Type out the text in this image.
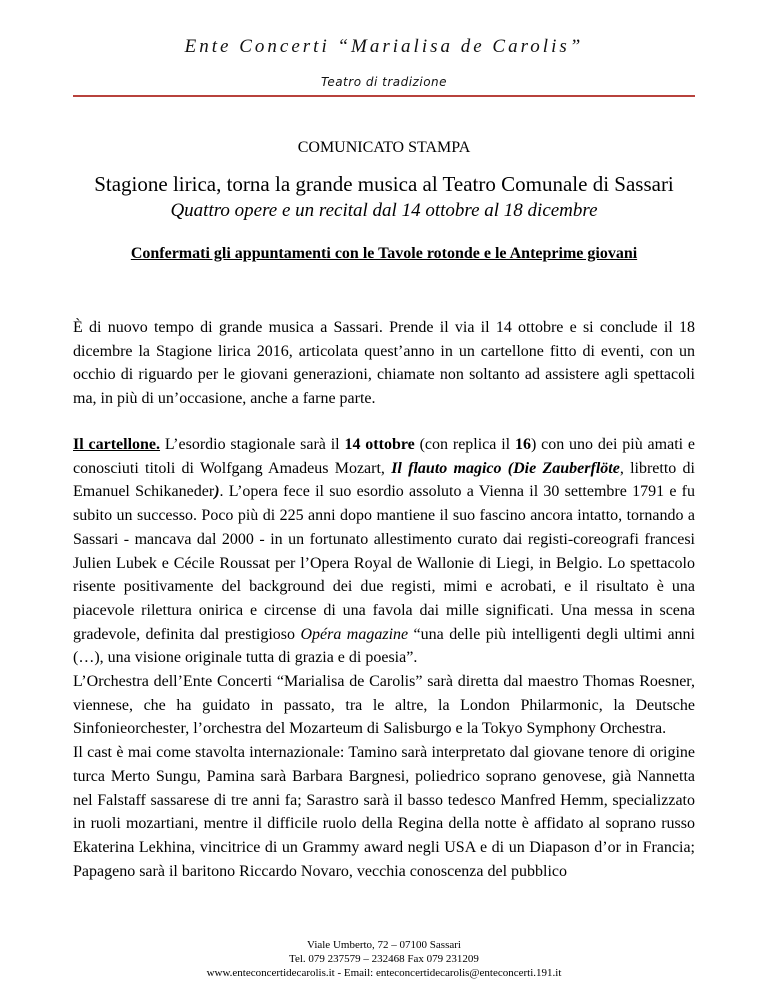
Ente Concerti “Marialisa de Carolis”
Teatro di tradizione
COMUNICATO STAMPA
Stagione lirica, torna la grande musica al Teatro Comunale di Sassari
Quattro opere e un recital dal 14 ottobre al 18 dicembre
Confermati gli appuntamenti con le Tavole rotonde e le Anteprime giovani

È di nuovo tempo di grande musica a Sassari. Prende il via il 14 ottobre e si conclude il 18 dicembre la Stagione lirica 2016, articolata quest’anno in un cartellone fitto di eventi, con un occhio di riguardo per le giovani generazioni, chiamate non soltanto ad assistere agli spettacoli ma, in più di un’occasione, anche a farne parte.

Il cartellone. L’esordio stagionale sarà il 14 ottobre (con replica il 16) con uno dei più amati e conosciuti titoli di Wolfgang Amadeus Mozart, Il flauto magico (Die Zauberflöte, libretto di Emanuel Schikaneder). L’opera fece il suo esordio assoluto a Vienna il 30 settembre 1791 e fu subito un successo. Poco più di 225 anni dopo mantiene il suo fascino ancora intatto, tornando a Sassari - mancava dal 2000 - in un fortunato allestimento curato dai registi-coreografi francesi Julien Lubek e Cécile Roussat per l’Opera Royal de Wallonie di Liegi, in Belgio. Lo spettacolo risente positivamente del background dei due registi, mimi e acrobati, e il risultato è una piacevole rilettura onirica e circense di una favola dai mille significati. Una messa in scena gradevole, definita dal prestigioso Opéra magazine “una delle più intelligenti degli ultimi anni (…), una visione originale tutta di grazia e di poesia”.

L’Orchestra dell’Ente Concerti “Marialisa de Carolis” sarà diretta dal maestro Thomas Roesner, viennese, che ha guidato in passato, tra le altre, la London Philarmonic, la Deutsche Sinfonieorchester, l’orchestra del Mozarteum di Salisburgo e la Tokyo Symphony Orchestra.

Il cast è mai come stavolta internazionale: Tamino sarà interpretato dal giovane tenore di origine turca Merto Sungu, Pamina sarà Barbara Bargnesi, poliedrico soprano genovese, già Nannetta nel Falstaff sassarese di tre anni fa; Sarastro sarà il basso tedesco Manfred Hemm, specializzato in ruoli mozartiani, mentre il difficile ruolo della Regina della notte è affidato al soprano russo Ekaterina Lekhina, vincitrice di un Grammy award negli USA e di un Diapason d’or in Francia; Papageno sarà il baritono Riccardo Novaro, vecchia conoscenza del pubblico

Viale Umberto, 72 – 07100 Sassari
Tel. 079 237579 – 232468 Fax 079 231209
www.enteconcertidecarolis.it - Email: enteconcertidecarolis@enteconcerti.191.it
